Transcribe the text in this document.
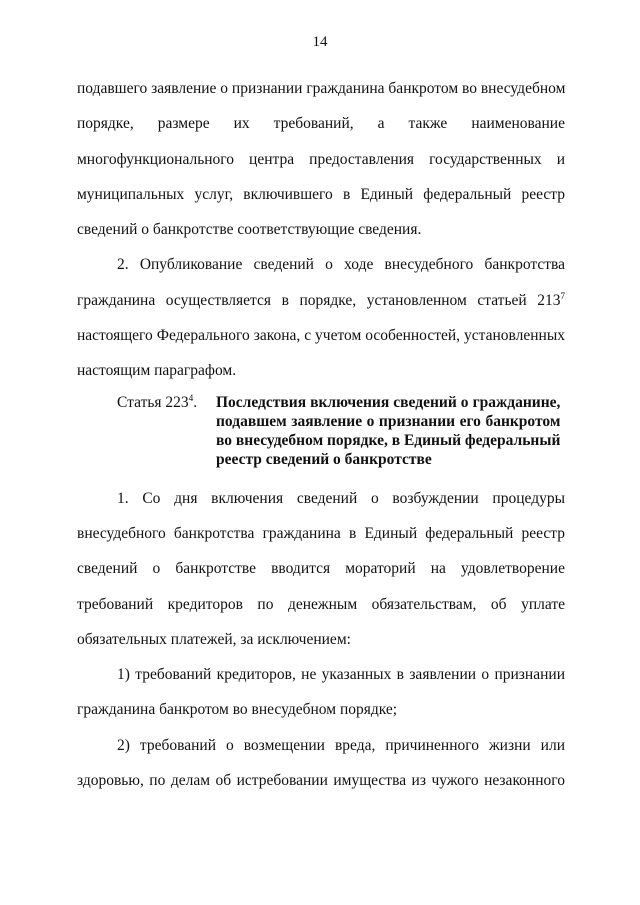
14

подавшего заявление о признании гражданина банкротом во внесудебном
порядке, размере их требований, а также наименование
многофункционального центра предоставления государственных и
муниципальных услуг, включившего в Единый федеральный реестр
сведений о банкротстве соответствующие сведения.

2. Опубликование сведений о ходе внесудебного банкротства
гражданина осуществляется в порядке, установленном статьей $213^7$
настоящего Федерального закона, с учетом особенностей, установленных
настоящим параграфом.

Статья $223^4$.	Последствия включения сведений о гражданине,
подавшем заявление о признании его банкротом
во внесудебном порядке, в Единый федеральный
реестр сведений о банкротстве

1. Со дня включения сведений о возбуждении процедуры
внесудебного банкротства гражданина в Единый федеральный реестр
сведений о банкротстве вводится мораторий на удовлетворение
требований кредиторов по денежным обязательствам, об уплате
обязательных платежей, за исключением:

1) требований кредиторов, не указанных в заявлении о признании
гражданина банкротом во внесудебном порядке;

2) требований о возмещении вреда, причиненного жизни или
здоровью, по делам об истребовании имущества из чужого незаконного
